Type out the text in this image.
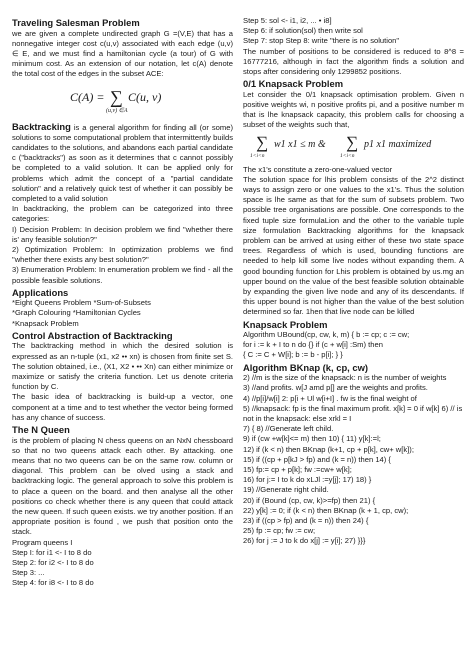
Traveling Salesman Problem

we are given a complete undirected graph G =(V,E) that has a nonnegative integer cost c(u,v) associated with each edge (u,v) ∈ E, and we must find a hamiltonian cycle (a tour) of G with minimum cost. As an extension of our notation, let c(A) denote the total cost of the edges in the subset ACE:

C(A) = ∑
(u,v) ∈A
C(u, v)

Backtracking is a general algorithm for finding all (or some) solutions to some computational problem that intermittently builds candidates to the solutions, and abandons each partial candidate c ("backtracks") as soon as it determines that c cannot possibly be completed to a valid solution. It can be applied only for problems which admit the concept of a "partial candidate solution" and a relatively quick test of whether it can possibly be completed to a valid solution

In backtracking, the problem can be categorized into three categories:

I) Decision Problem: In decision problem we find "whether there is' any feasible solution?"

2) Optimization Problem: In optimization problems we find "whether there exists any best solution?"

3) Enumeration Problem: In enumeration problem we find - all the possible feasible solutions.

Applications

*Eight Queens Problem *Sum-of-Subsets

*Graph Colouring *Hamiltonian Cycles

*Knapsack Problem

Control Abstraction of Backtracking

The backtracking method in which the desired solution is expressed as an n-tuple (x1, x2 •• xn) is chosen from finite set S. The solution obtained, i.e., (X1, X2 • •• Xn) can either minimize or maximize or satisfy the criteria function. Let us denote criteria function by C.

The basic idea of backtracking is build-up a vector, one component at a time and to test whether the vector being formed has any chance of success.

The N Queen

is the problem of placing N chess queens on an NxN chessboard so that no two queens attack each other. By attacking. one means that no two queens can be on the same row. column or diagonal. This problem can be olved using a stack and backtracking logic. The general approach to solve this problem is to place a queen on the board. and then analyse all the other positions co check whether there is any queen that could attack the new queen. If such queen exists. we try another position. If an appropriate position is found , we push that position onto the stack.

Program queens I

Step I: for i1 <- I to 8 do

Step 2: for i2 <- I to 8 do

Step 3: ...

Step 4: for i8 <- I to 8 do

Step 5: sol <- i1, i2, ... • i8]

Step 6: if solution(sol) then write sol

Step 7: stop Step 8: write "there is no solution"

The number of positions to be considered is reduced to 8^8 = 16777216, although in fact the algorithm finds a solution and stops after considering only 1299852 positions.

0/1 Knapsack Problem

Let consider the 0/1 knapsack optimisation problem. Given n positive weights wi, n positive profits pi, and a positive number m that is lhe knapsack capacity, this problem calls for choosing a subset of the weights such that,

∑
1<i<n
w1 x1 ≤ m & ∑
1<i<n
p1 x1 maximized

The x1's constitute a zero-one-valued vector

The solution space for lhis problem consists of the 2^2 distinct ways to assign zero or one values to the x1's. Thus the solution space is lhe same as that for the sum of subsets problem. Two possible tree organisations are possible. One corresponds to the fixed tuple size formulaLion and the other to the variable tuple size formulation Backtracking algorithms for the knapsack problem can be arrived at using either of these two state space trees. Regardless of which is used, bounding functions are needed to help kill some live nodes without expanding them. A good bounding function for Lhis problem is obtained by us.mg an upper bound on the value of the best feasible solution obtainable by expanding the given live node and any of its descendants. If this upper bound is not higher than the value of the best solution determined so far. 1hen that live node can be killed

Knapsack Problem

Algorithm UBound(cp, cw, k, m) { b := cp; c := cw;

for i := k + I to n do {} if (c + w[i] :Sm) then

{ C := C + W[i]; b := b - p[i]; } }

Algorithm BKnap (k, cp, cw)

2) //m is the size of the knapsack: n is the number of weights

3) //and profits. w[J amd p[] are the weights and profits.

4) //p[i]/w[i] 2: p[i + Ul w[i+I] . fw is the final weight of

5) //knapsack: fp is the final maximum profit. x[k] = 0 if w[k] 6) // is not in the knapsack: else xrkl = I

7) { 8) //Generate left child.

9) if (cw +w[k]<= m) then 10) { 11) y[k]:=l;

12) if (k < n) then BKnap (k+1, cp + p[k], cw+ w[k]);

15) if ((cp + p[kJ > fp) and (k = n)) then 14) {

15) fp:= cp + p[k]; fw :=cw+ w[k];

16) for j:= I to k do xLJl :=y[j]; 17) 18) }

19) //Generate right child.

20) if (Bound (cp, cw, k)>=fp) then 21) {

22) y[k] := 0; if (k < n) then BKnap (k + 1, cp, cw);

23) if ((cp > fp) and (k = n)) then 24) {

25) fp := cp; fw := cw;

26) for j := J to k do x[j] := y[i]; 27) }}}
